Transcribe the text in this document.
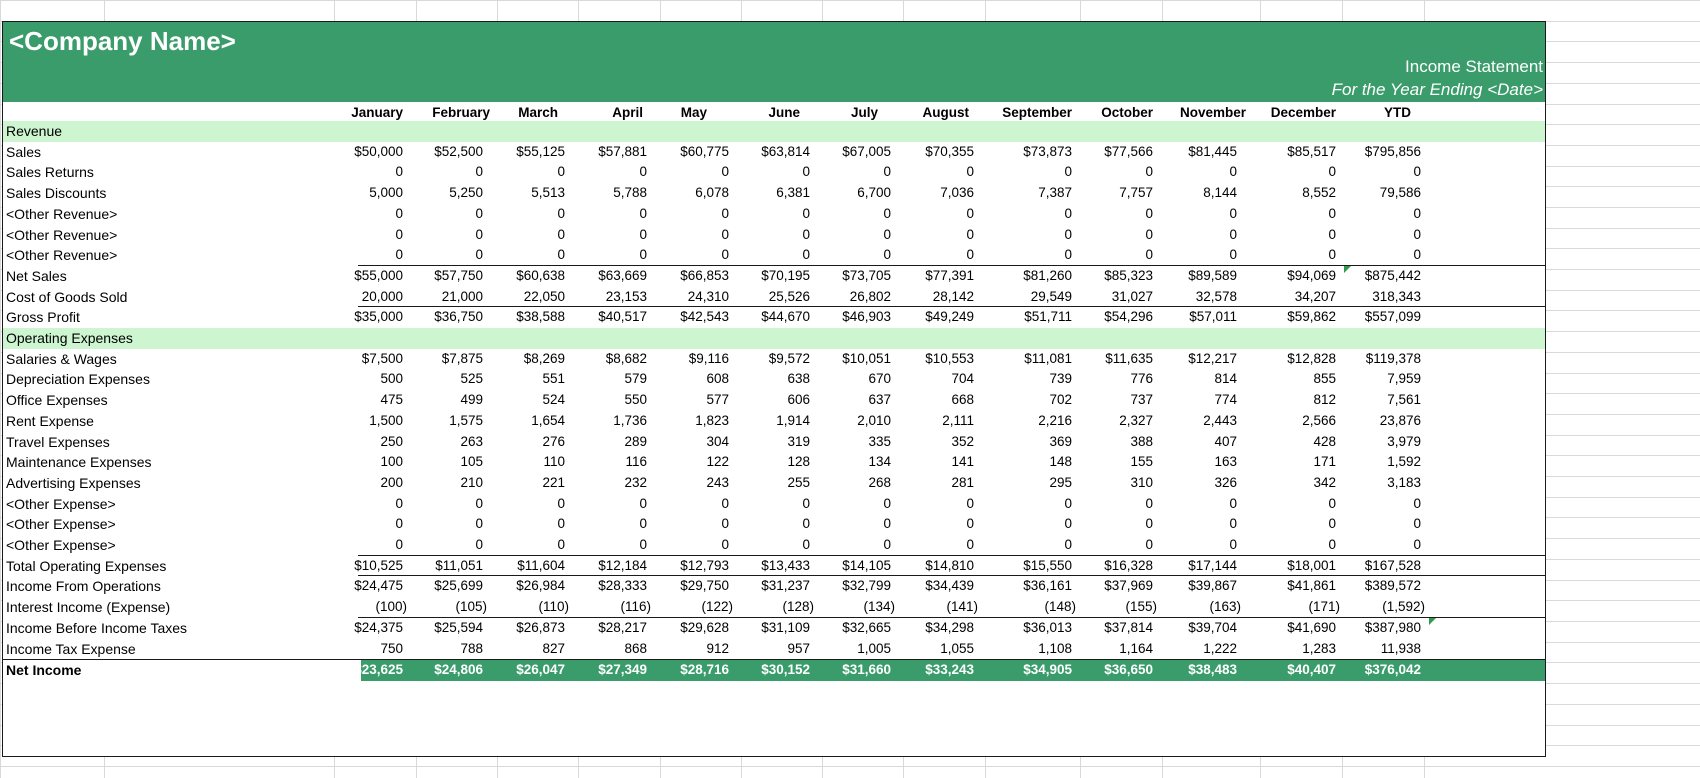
<Company Name>
Income Statement
For the Year Ending <Date>
January	February	March	April	May	June	July	August	September	October	November	December	YTD
Revenue
Sales	$50,000	$52,500	$55,125	$57,881	$60,775	$63,814	$67,005	$70,355	$73,873	$77,566	$81,445	$85,517	$795,856
Sales Returns	0	0	0	0	0	0	0	0	0	0	0	0	0
Sales Discounts	5,000	5,250	5,513	5,788	6,078	6,381	6,700	7,036	7,387	7,757	8,144	8,552	79,586
<Other Revenue>	0	0	0	0	0	0	0	0	0	0	0	0	0
<Other Revenue>	0	0	0	0	0	0	0	0	0	0	0	0	0
<Other Revenue>	0	0	0	0	0	0	0	0	0	0	0	0	0
Net Sales	$55,000	$57,750	$60,638	$63,669	$66,853	$70,195	$73,705	$77,391	$81,260	$85,323	$89,589	$94,069	$875,442
Cost of Goods Sold	20,000	21,000	22,050	23,153	24,310	25,526	26,802	28,142	29,549	31,027	32,578	34,207	318,343
Gross Profit	$35,000	$36,750	$38,588	$40,517	$42,543	$44,670	$46,903	$49,249	$51,711	$54,296	$57,011	$59,862	$557,099
Operating Expenses
Salaries & Wages	$7,500	$7,875	$8,269	$8,682	$9,116	$9,572	$10,051	$10,553	$11,081	$11,635	$12,217	$12,828	$119,378
Depreciation Expenses	500	525	551	579	608	638	670	704	739	776	814	855	7,959
Office Expenses	475	499	524	550	577	606	637	668	702	737	774	812	7,561
Rent Expense	1,500	1,575	1,654	1,736	1,823	1,914	2,010	2,111	2,216	2,327	2,443	2,566	23,876
Travel Expenses	250	263	276	289	304	319	335	352	369	388	407	428	3,979
Maintenance Expenses	100	105	110	116	122	128	134	141	148	155	163	171	1,592
Advertising Expenses	200	210	221	232	243	255	268	281	295	310	326	342	3,183
<Other Expense>	0	0	0	0	0	0	0	0	0	0	0	0	0
<Other Expense>	0	0	0	0	0	0	0	0	0	0	0	0	0
<Other Expense>	0	0	0	0	0	0	0	0	0	0	0	0	0
Total Operating Expenses	$10,525	$11,051	$11,604	$12,184	$12,793	$13,433	$14,105	$14,810	$15,550	$16,328	$17,144	$18,001	$167,528
Income From Operations	$24,475	$25,699	$26,984	$28,333	$29,750	$31,237	$32,799	$34,439	$36,161	$37,969	$39,867	$41,861	$389,572
Interest Income (Expense)	(100)	(105)	(110)	(116)	(122)	(128)	(134)	(141)	(148)	(155)	(163)	(171)	(1,592)
Income Before Income Taxes	$24,375	$25,594	$26,873	$28,217	$29,628	$31,109	$32,665	$34,298	$36,013	$37,814	$39,704	$41,690	$387,980
Income Tax Expense	750	788	827	868	912	957	1,005	1,055	1,108	1,164	1,222	1,283	11,938
Net Income	$23,625	$24,806	$26,047	$27,349	$28,716	$30,152	$31,660	$33,243	$34,905	$36,650	$38,483	$40,407	$376,042
